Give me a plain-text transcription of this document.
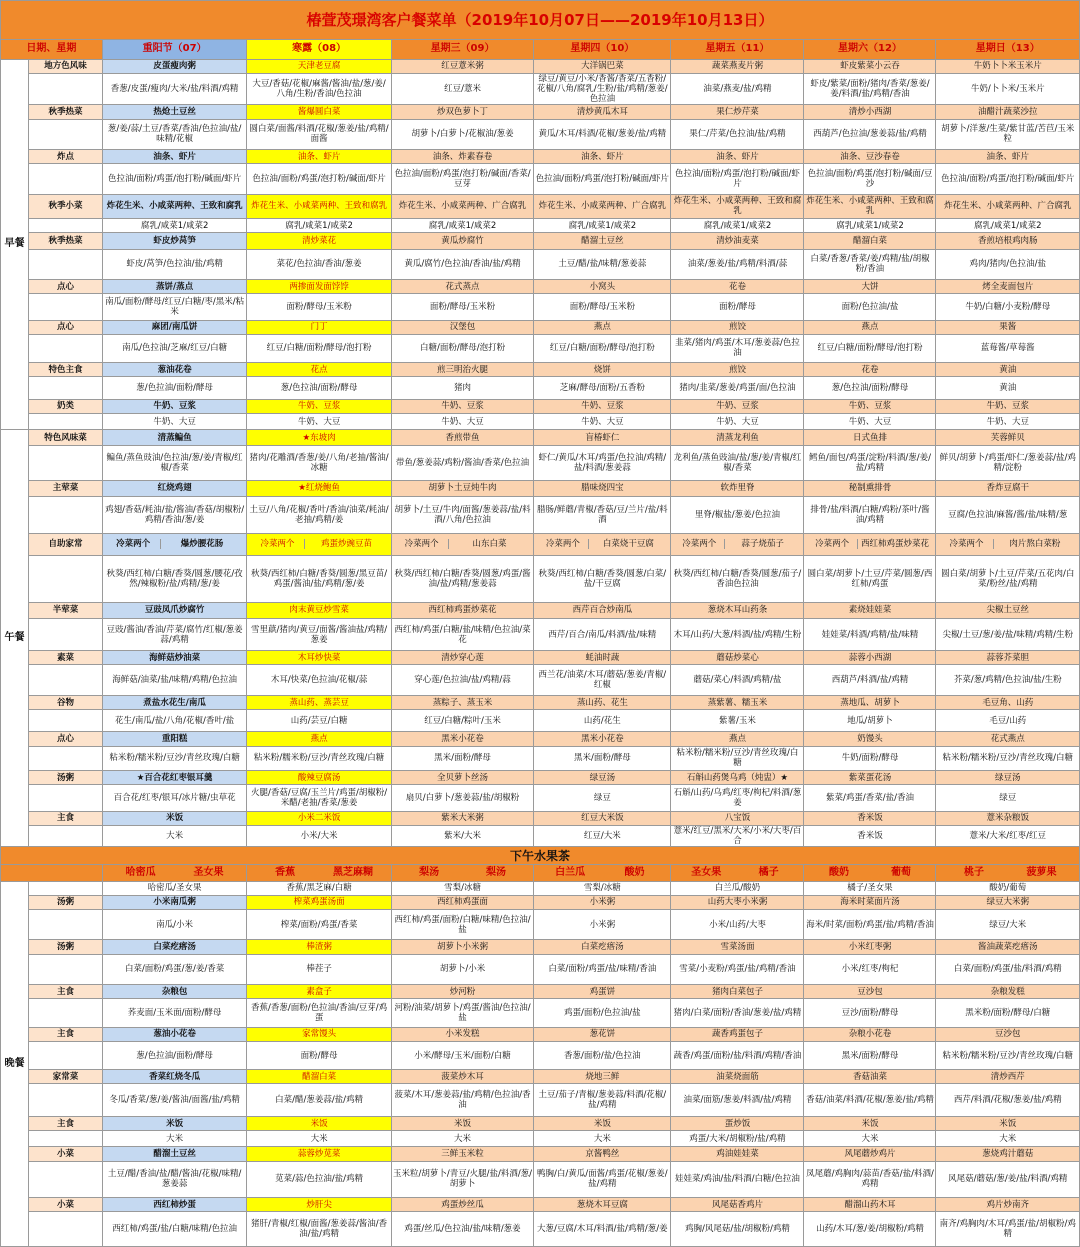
椿萱茂璟湾客户餐菜单（2019年10月07日——2019年10月13日）								
日期、星期		重阳节（07）	寒露（08）	星期三（09）	星期四（10）	星期五（11）	星期六（12）	星期日（13）
早餐	地方色风味	皮蛋瘦肉粥	天津老豆腐	红豆薏米粥	大洋锅巴菜	蔬菜燕麦片粥	虾皮紫菜小云吞	牛奶卜卜米玉米片
		香葱/皮蛋/瘦肉/大米/盐/料酒/鸡精	大豆/香菇/花椒/麻酱/酱油/盐/葱/姜/八角/生粉/香油/色拉油	红豆/薏米	绿豆/黄豆/小米/香酱/香菜/五香粉/花椒/八角/腐乳/生粉/盐/鸡精/葱姜/色拉油	油菜/燕麦/盐/鸡精	虾皮/紫菜/面粉/猪肉/香菜/葱姜/姜/料酒/盐/鸡精/香油	牛奶/卜卜米/玉米片
	秋季热菜	热炝土豆丝	酱爆圆白菜	炒双色萝卜丁	清炒黄瓜木耳	果仁炒芹菜	清炒小西湖	油醋汁蔬菜沙拉
		葱/姜/蒜/土豆/香菜/香油/色拉油/盐/味精/花椒	圆白菜/面酱/料酒/花椒/葱姜/盐/鸡精/面酱	胡萝卜/白萝卜/花椒油/葱姜	黄瓜/木耳/料酒/花椒/葱姜/盐/鸡精	果仁/芹菜/色拉油/盐/鸡精	西葫芦/色拉油/葱姜蒜/盐/鸡精	胡萝卜/洋葱/生菜/紫甘蓝/苦苣/玉米粒
	炸点	油条、虾片	油条、虾片	油条、炸素春卷	油条、虾片	油条、虾片	油条、豆沙春卷	油条、虾片
		色拉油/面粉/鸡蛋/泡打粉/碱面/虾片	色拉油/面粉/鸡蛋/泡打粉/碱面/虾片	色拉油/面粉/鸡蛋/泡打粉/碱面/香菜/豆芽	色拉油/面粉/鸡蛋/泡打粉/碱面/虾片	色拉油/面粉/鸡蛋/泡打粉/碱面/虾片	色拉油/面粉/鸡蛋/泡打粉/碱面/豆沙	色拉油/面粉/鸡蛋/泡打粉/碱面/虾片
	秋季小菜	炸花生米、小咸菜两种、王致和腐乳	炸花生米、小咸菜两种、王致和腐乳	炸花生米、小咸菜两种、广合腐乳	炸花生米、小咸菜两种、广合腐乳	炸花生米、小咸菜两种、王致和腐乳	炸花生米、小咸菜两种、王致和腐乳	炸花生米、小咸菜两种、广合腐乳
		腐乳/咸菜1/咸菜2	腐乳/咸菜1/咸菜2	腐乳/咸菜1/咸菜2	腐乳/咸菜1/咸菜2	腐乳/咸菜1/咸菜2	腐乳/咸菜1/咸菜2	腐乳/咸菜1/咸菜2
	秋季热菜	虾皮炒莴笋	清炒菜花	黄瓜炒腐竹	醋溜土豆丝	清炒油麦菜	醋溜白菜	香煎培根鸡肉肠
		虾皮/莴笋/色拉油/盐/鸡精	菜花/色拉油/香油/葱姜	黄瓜/腐竹/色拉油/香油/盐/鸡精	土豆/醋/盐/味精/葱姜蒜	油菜/葱姜/盐/鸡精/料酒/蒜	白菜/香葱/香菜/姜/鸡精/盐/胡椒粉/香油	鸡肉/猪肉/色拉油/盐
	点心	蒸饼/蒸点	两掺面发面饽饽	花式蒸点	小窝头	花卷	大饼	烤全麦面包片
		南瓜/面粉/酵母/红豆/白糖/枣/黑米/粘米	面粉/酵母/玉米粉	面粉/酵母/玉米粉	面粉/酵母/玉米粉	面粉/酵母	面粉/色拉油/盐	牛奶/白糖/小麦粉/酵母
	点心	麻团/南瓜饼	门丁	汉堡包	燕点	煎饺	燕点	果酱
		南瓜/色拉油/芝麻/红豆/白糖	红豆/白糖/面粉/酵母/泡打粉	白糖/面粉/酵母/泡打粉	红豆/白糖/面粉/酵母/泡打粉	韭菜/猪肉/鸡蛋/木耳/葱姜蒜/色拉油	红豆/白糖/面粉/酵母/泡打粉	蓝莓酱/草莓酱
	特色主食	葱油花卷	花点	煎三明治火腿	烧饼	煎饺	花卷	黄油
		葱/色拉油/面粉/酵母	葱/色拉油/面粉/酵母	猪肉	芝麻/酵母/面粉/五香粉	猪肉/韭菜/葱姜/鸡蛋/面/色拉油	葱/色拉油/面粉/酵母	黄油
	奶类	牛奶、豆浆	牛奶、豆浆	牛奶、豆浆	牛奶、豆浆	牛奶、豆浆	牛奶、豆浆	牛奶、豆浆
		牛奶、大豆	牛奶、大豆	牛奶、大豆	牛奶、大豆	牛奶、大豆	牛奶、大豆	牛奶、大豆
午餐	特色风味菜	清蒸鳊鱼	★东坡肉	香煎带鱼	盲椿虾仁	清蒸龙利鱼	日式鱼排	芙蓉鲜贝
		鳊鱼/蒸鱼豉油/色拉油/葱/姜/青椒/红椒/香菜	猪肉/花雕酒/香葱/姜/八角/老抽/酱油/冰糖	带鱼/葱姜蒜/鸡粉/酱油/香菜/色拉油	虾仁/黄瓜/木耳/鸡蛋/色拉油/鸡精/盐/料酒/葱姜蒜	龙利鱼/蒸鱼豉油/盐/葱/姜/青椒/红椒/香菜	鳕鱼/面包/鸡蛋/淀粉/料酒/葱/姜/盐/鸡精	鲜贝/胡萝卜/鸡蛋/虾仁/葱姜蒜/盐/鸡精/淀粉
	主荤菜	红烧鸡翅	★红烧鲍鱼	胡萝卜土豆炖牛肉	腊味烧四宝	软炸里脊	秘制熏排骨	香炸豆腐干
		鸡翅/香菇/耗油/盐/酱油/香菇/胡椒粉/鸡精/香油/葱/姜	土豆/八角/花椒/香叶/香油/油菜/耗油/老抽/鸡精/姜	胡萝卜/土豆/牛肉/面酱/葱姜蒜/盐/料酒/八角/色拉油	腊肠/鲜蘑/青椒/香菇/豆/兰片/盐/料酒	里脊/椒盐/葱姜/色拉油	排骨/盐/料酒/白糖/鸡粉/茶叶/酱油/鸡精	豆腐/色拉油/麻酱/酱/盐/味精/葱
	自助家常	冷菜两个 爆炒腰花肠	冷菜两个 鸡蛋炒豌豆苗	冷菜两个 山东白菜	冷菜两个 白菜烧干豆腐	冷菜两个 蒜子烧茄子	冷菜两个 西红柿鸡蛋炒菜花	冷菜两个 肉片熬白菜粉
		秋葵/西红柿/白糖/香葵/圆葱/腰花/孜然/辣椒粉/盐/鸡精/葱/姜	秋葵/西红柿/白糖/香葵/圆葱/黑豆苗/鸡蛋/酱油/盐/鸡精/葱/姜	秋葵/西红柿/白糖/香葵/圆葱/鸡蛋/酱油/盐/鸡精/葱姜蒜	秋葵/西红柿/白糖/香葵/圆葱/白菜/盐/干豆腐	秋葵/西红柿/白糖/香葵/圆葱/茄子/香油色拉油	圆白菜/胡萝卜/土豆/芹菜/圆葱/西红柿/鸡蛋	圆白菜/胡萝卜/土豆/芹菜/五花肉/白菜/粉丝/盐/鸡精
	半荤菜	豆豉凤爪炒腐竹	肉末黄豆炒雪菜	西红柿鸡蛋炒菜花	西芹百合炒南瓜	葱烧木耳山药条	素烧娃娃菜	尖椒土豆丝
		豆豉/酱油/香油/芹菜/腐竹/红椒/葱姜蒜/鸡精	雪里蕻/猪肉/黄豆/面酱/酱油盐/鸡精/葱姜	西红柿/鸡蛋/白糖/盐/味精/色拉油/菜花	西芹/百合/南瓜/料酒/盐/味精	木耳/山药/大葱/料酒/盐/鸡精/生粉	娃娃菜/料酒/鸡精/盐/味精	尖椒/土豆/葱/姜/盐/味精/鸡精/生粉
	素菜	海鲜菇炒油菜	木耳炒快菜	清炒穿心莲	蚝油时蔬	蘑菇炒菜心	蒜蓉小西湖	蒜蓉芥菜胆
		海鲜菇/油菜/盐/味精/鸡精/色拉油	木耳/快菜/色拉油/花椒/蒜	穿心莲/色拉油/盐/鸡精/蒜	西兰花/油菜/木耳/蘑菇/葱姜/青椒/红椒	蘑菇/菜心/料酒/鸡精/盐	西葫芦/料酒/盐/鸡精	芥菜/葱/鸡精/色拉油/盐/生粉
	谷物	煮盐水花生/南瓜	蒸山药、蒸芸豆	蒸粽子、蒸玉米	蒸山药、花生	蒸紫薯、糯玉米	蒸地瓜、胡萝卜	毛豆角、山药
		花生/南瓜/盐/八角/花椒/香叶/盐	山药/芸豆/白糖	红豆/白糖/粽叶/玉米	山药/花生	紫薯/玉米	地瓜/胡萝卜	毛豆/山药
	点心	重阳糕	燕点	黑米小花卷	黑米小花卷	燕点	奶馒头	花式燕点
		粘米粉/糯米粉/豆沙/青丝玫瑰/白糖	粘米粉/糯米粉/豆沙/青丝玫瑰/白糖	黑米/面粉/酵母	黑米/面粉/酵母	粘米粉/糯米粉/豆沙/青丝玫瑰/白糖	牛奶/面粉/酵母	粘米粉/糯米粉/豆沙/青丝玫瑰/白糖
	汤粥	★百合花红枣银耳羹	酸辣豆腐汤	全贝萝卜丝汤	绿豆汤	石斛山药煲乌鸡（炖盅）★	紫菜蛋花汤	绿豆汤
		百合花/红枣/银耳/冰片糖/虫草花	火腿/香菇/豆腐/玉兰片/鸡蛋/胡椒粉/米醋/老抽/香菜/葱姜	扇贝/白萝卜/葱姜蒜/盐/胡椒粉	绿豆	石斛/山药/乌鸡/红枣/枸杞/料酒/葱姜	紫菜/鸡蛋/香菜/盐/香油	绿豆
	主食	米饭	小米二米饭	紫米大米粥	红豆大米饭	八宝饭	香米饭	薏米杂粮饭
		大米	小米/大米	紫米/大米	红豆/大米	薏米/红豆/黑米/大米/小米/大枣/百合	香米饭	薏米/大米/红枣/红豆
下午水果茶								
		哈密瓜 圣女果	香蕉 黑芝麻糊	梨汤 梨汤	白兰瓜 酸奶	圣女果 橘子	酸奶 葡萄	桃子 菠萝果
晚餐		哈密瓜/圣女果	香蕉/黑芝麻/白糖	雪梨/冰糖	雪梨/冰糖	白兰瓜/酸奶	橘子/圣女果	酸奶/葡萄
	汤粥	小米南瓜粥	榨菜鸡蛋汤面	西红柿鸡蛋面	小米粥	山药大枣小米粥	海米时菜面片汤	绿豆大米粥
		南瓜/小米	榨菜/面粉/鸡蛋/香菜	西红柿/鸡蛋/面粉/白糖/味精/色拉油/盐	小米粥	小米/山药/大枣	海米/时菜/面粉/鸡蛋/盐/鸡精/香油	绿豆/大米
	汤粥	白菜疙瘩汤	棒渣粥	胡萝卜小米粥	白菜疙瘩汤	雪菜汤面	小米红枣粥	酱油蔬菜疙瘩汤
		白菜/面粉/鸡蛋/葱/姜/香菜	棒茬子	胡萝卜/小米	白菜/面粉/鸡蛋/盐/味精/香油	雪菜/小麦粉/鸡蛋/盐/鸡精/香油	小米/红枣/枸杞	白菜/面粉/鸡蛋/盐/料酒/鸡精
	主食	杂粮包	素盒子	炒河粉	鸡蛋饼	猪肉白菜包子	豆沙包	杂粮发糕
		荞麦面/玉米面/面粉/酵母	香蕉/香葱/面粉/色拉油/香油/豆芽/鸡蛋	河粉/油菜/胡萝卜/鸡蛋/酱油/色拉油/盐	鸡蛋/面粉/色拉油/盐	猪肉/白菜/面粉/香油/葱姜/盐/鸡精	豆沙/面粉/酵母	黑米粉/面粉/酵母/白糖
	主食	葱油小花卷	家常馒头	小米发糕	葱花饼	蔬香鸡蛋包子	杂粮小花卷	豆沙包
		葱/色拉油/面粉/酵母	面粉/酵母	小米/酵母/玉米/面粉/白糖	香葱/面粉/盐/色拉油	蔬香/鸡蛋/面粉/盐/料酒/鸡精/香油	黑米/面粉/酵母	粘米粉/糯米粉/豆沙/青丝玫瑰/白糖
	家常菜	香菜红烧冬瓜	醋溜白菜	菠菜炒木耳	烧地三鲜	油菜烧面筋	香菇油菜	清炒西芹
		冬瓜/香菜/葱/姜/酱油/面酱/盐/鸡精	白菜/醋/葱姜蒜/盐/鸡精	菠菜/木耳/葱姜蒜/盐/鸡精/色拉油/香油	土豆/茄子/青椒/葱姜蒜/料酒/花椒/盐/鸡精	油菜/面筋/葱姜/料酒/盐/鸡精	香菇/油菜/料酒/花椒/葱姜/盐/鸡精	西芹/料酒/花椒/葱姜/盐/鸡精
	主食	米饭	米饭	米饭	米饭	蛋炒饭	米饭	米饭
		大米	大米	大米	大米	鸡蛋/大米/胡椒粉/盐/鸡精	大米	大米
	小菜	醋溜土豆丝	蒜蓉炒苋菜	三鲜玉米粒	京酱鸭丝	鸡油娃娃菜	风尾蘑炒鸡片	葱烧鸡汁蘑菇
		土豆/醋/香油/盐/醋/酱油/花椒/味精/葱姜蒜	苋菜/蒜/色拉油/盐/鸡精	玉米粒/胡萝卜/青豆/火腿/盐/料酒/葱/胡萝卜	鸭胸/白/黄瓜/面酱/鸡蛋/花椒/葱姜/盐/鸡精	娃娃菜/鸡油/盐/料酒/白糖/色拉油	凤尾蘑/鸡胸肉/蒜苗/香菇/盐/料酒/鸡精	风尾菇/蘑菇/葱/姜/盐/料酒/鸡精
	小菜	西红柿炒蛋	炒肝尖	鸡蛋炒丝瓜	葱烧木耳豆腐	风尾菇香鸡片	醋溜山药木耳	鸡片炒南齐
		西红柿/鸡蛋/盐/白糖/味精/色拉油	猪肝/青椒/红椒/面酱/葱姜蒜/酱油/香油/盐/鸡精	鸡蛋/丝瓜/色拉油/盐/味精/葱姜	大葱/豆腐/木耳/料酒/盐/鸡精/葱/姜	鸡胸/风尾菇/盐/胡椒粉/鸡精	山药/木耳/葱/姜/胡椒粉/鸡精	南齐/鸡胸肉/木耳/鸡蛋/盐/胡椒粉/鸡精
